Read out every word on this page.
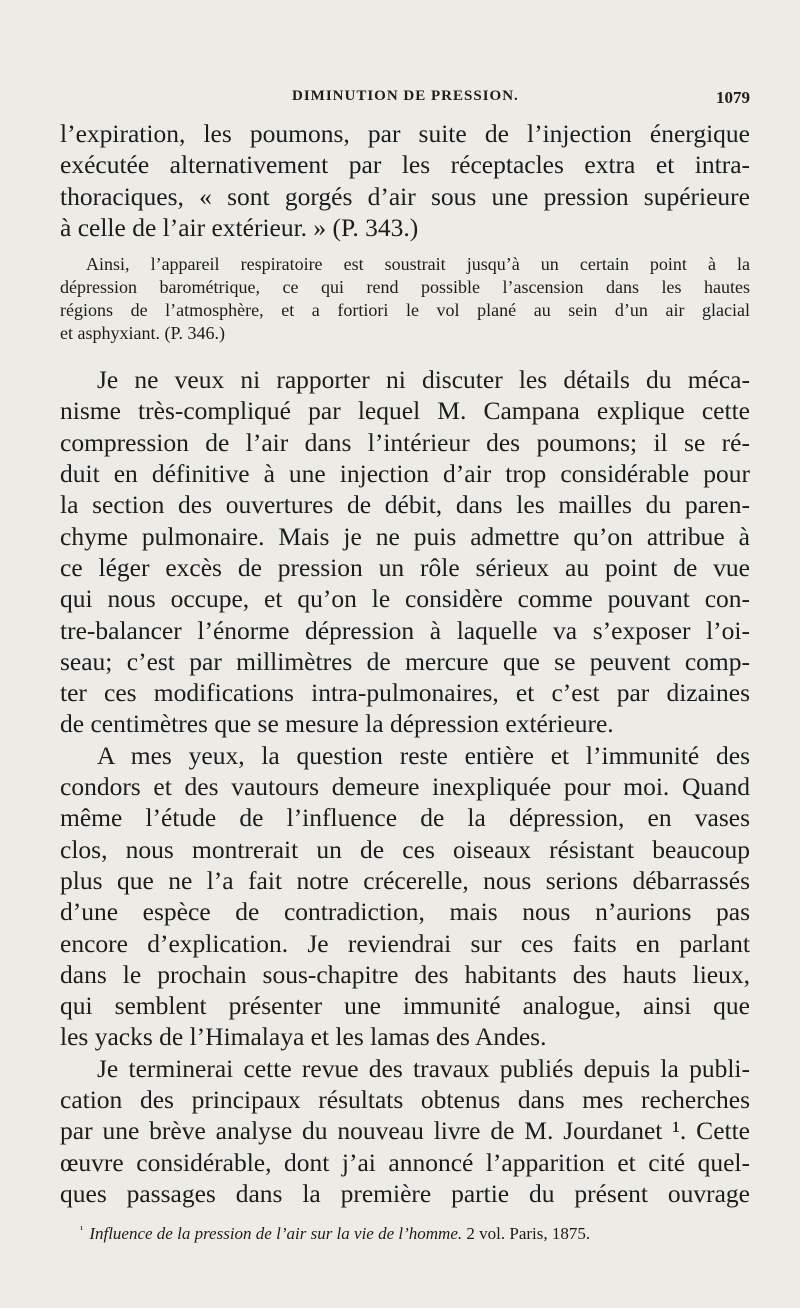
DIMINUTION DE PRESSION.	1079

l’expiration, les poumons, par suite de l’injection énergique

exécutée alternativement par les réceptacles extra et intra-

thoraciques, « sont gorgés d’air sous une pression supérieure

à celle de l’air extérieur. » (P. 343.)

Ainsi, l’appareil respiratoire est soustrait jusqu’à un certain point à la

dépression barométrique, ce qui rend possible l’ascension dans les hautes

régions de l’atmosphère, et a fortiori le vol plané au sein d’un air glacial

et asphyxiant. (P. 346.)

Je ne veux ni rapporter ni discuter les détails du méca-

nisme très-compliqué par lequel M. Campana explique cette

compression de l’air dans l’intérieur des poumons; il se ré-

duit en définitive à une injection d’air trop considérable pour

la section des ouvertures de débit, dans les mailles du paren-

chyme pulmonaire. Mais je ne puis admettre qu’on attribue à

ce léger excès de pression un rôle sérieux au point de vue

qui nous occupe, et qu’on le considère comme pouvant con-

tre-balancer l’énorme dépression à laquelle va s’exposer l’oi-

seau; c’est par millimètres de mercure que se peuvent comp-

ter ces modifications intra-pulmonaires, et c’est par dizaines

de centimètres que se mesure la dépression extérieure.

A mes yeux, la question reste entière et l’immunité des

condors et des vautours demeure inexpliquée pour moi. Quand

même l’étude de l’influence de la dépression, en vases

clos, nous montrerait un de ces oiseaux résistant beaucoup

plus que ne l’a fait notre crécerelle, nous serions débarrassés

d’une espèce de contradiction, mais nous n’aurions pas

encore d’explication. Je reviendrai sur ces faits en parlant

dans le prochain sous-chapitre des habitants des hauts lieux,

qui semblent présenter une immunité analogue, ainsi que

les yacks de l’Himalaya et les lamas des Andes.

Je terminerai cette revue des travaux publiés depuis la publi-

cation des principaux résultats obtenus dans mes recherches

par une brève analyse du nouveau livre de M. Jourdanet ¹. Cette

œuvre considérable, dont j’ai annoncé l’apparition et cité quel-

ques passages dans la première partie du présent ouvrage

$^{^1}$ Influence de la pression de l’air sur la vie de l’homme. 2 vol. Paris, 1875.
